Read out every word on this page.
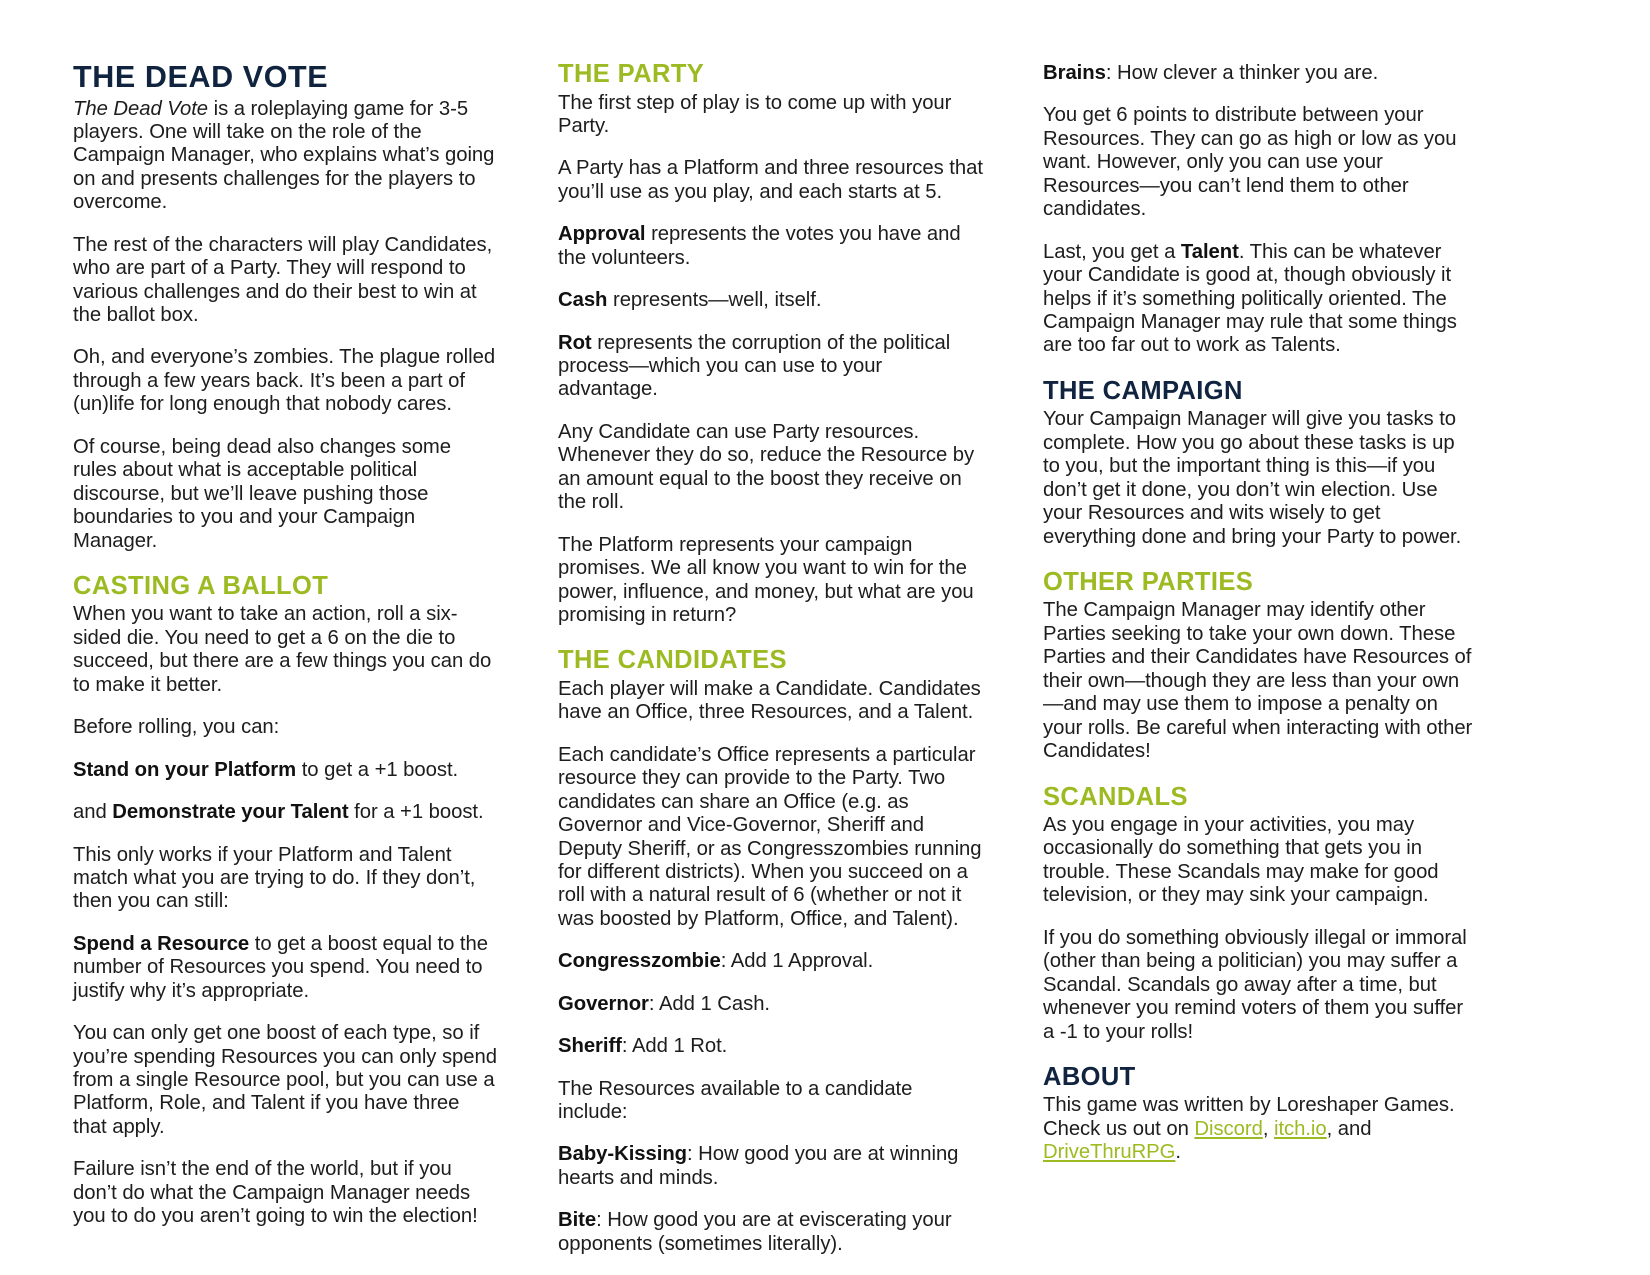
THE DEAD VOTE

The Dead Vote is a roleplaying game for 3-5 players. One will take on the role of the Campaign Manager, who explains what’s going on and presents challenges for the players to overcome.

The rest of the characters will play Candidates, who are part of a Party. They will respond to various challenges and do their best to win at the ballot box.

Oh, and everyone’s zombies. The plague rolled through a few years back. It’s been a part of (un)life for long enough that nobody cares.

Of course, being dead also changes some rules about what is acceptable political discourse, but we’ll leave pushing those boundaries to you and your Campaign Manager.

CASTING A BALLOT

When you want to take an action, roll a six-sided die. You need to get a 6 on the die to succeed, but there are a few things you can do to make it better.

Before rolling, you can:

Stand on your Platform to get a +1 boost.

and Demonstrate your Talent for a +1 boost.

This only works if your Platform and Talent match what you are trying to do. If they don’t, then you can still:

Spend a Resource to get a boost equal to the number of Resources you spend. You need to justify why it’s appropriate.

You can only get one boost of each type, so if you’re spending Resources you can only spend from a single Resource pool, but you can use a Platform, Role, and Talent if you have three that apply.

Failure isn’t the end of the world, but if you don’t do what the Campaign Manager needs you to do you aren’t going to win the election!

THE PARTY

The first step of play is to come up with your Party.

A Party has a Platform and three resources that you’ll use as you play, and each starts at 5.

Approval represents the votes you have and the volunteers.

Cash represents—well, itself.

Rot represents the corruption of the political process—which you can use to your advantage.

Any Candidate can use Party resources. Whenever they do so, reduce the Resource by an amount equal to the boost they receive on the roll.

The Platform represents your campaign promises. We all know you want to win for the power, influence, and money, but what are you promising in return?

THE CANDIDATES

Each player will make a Candidate. Candidates have an Office, three Resources, and a Talent.

Each candidate’s Office represents a particular resource they can provide to the Party. Two candidates can share an Office (e.g. as Governor and Vice-Governor, Sheriff and Deputy Sheriff, or as Congresszombies running for different districts). When you succeed on a roll with a natural result of 6 (whether or not it was boosted by Platform, Office, and Talent).

Congresszombie: Add 1 Approval.

Governor: Add 1 Cash.

Sheriff: Add 1 Rot.

The Resources available to a candidate include:

Baby-Kissing: How good you are at winning hearts and minds.

Bite: How good you are at eviscerating your opponents (sometimes literally).

Brains: How clever a thinker you are.

You get 6 points to distribute between your Resources. They can go as high or low as you want. However, only you can use your Resources—you can’t lend them to other candidates.

Last, you get a Talent. This can be whatever your Candidate is good at, though obviously it helps if it’s something politically oriented. The Campaign Manager may rule that some things are too far out to work as Talents.

THE CAMPAIGN

Your Campaign Manager will give you tasks to complete. How you go about these tasks is up to you, but the important thing is this—if you don’t get it done, you don’t win election. Use your Resources and wits wisely to get everything done and bring your Party to power.

OTHER PARTIES

The Campaign Manager may identify other Parties seeking to take your own down. These Parties and their Candidates have Resources of their own—though they are less than your own—and may use them to impose a penalty on your rolls. Be careful when interacting with other Candidates!

SCANDALS

As you engage in your activities, you may occasionally do something that gets you in trouble. These Scandals may make for good television, or they may sink your campaign.

If you do something obviously illegal or immoral (other than being a politician) you may suffer a Scandal. Scandals go away after a time, but whenever you remind voters of them you suffer a -1 to your rolls!

ABOUT

This game was written by Loreshaper Games. Check us out on Discord, itch.io, and DriveThruRPG.
